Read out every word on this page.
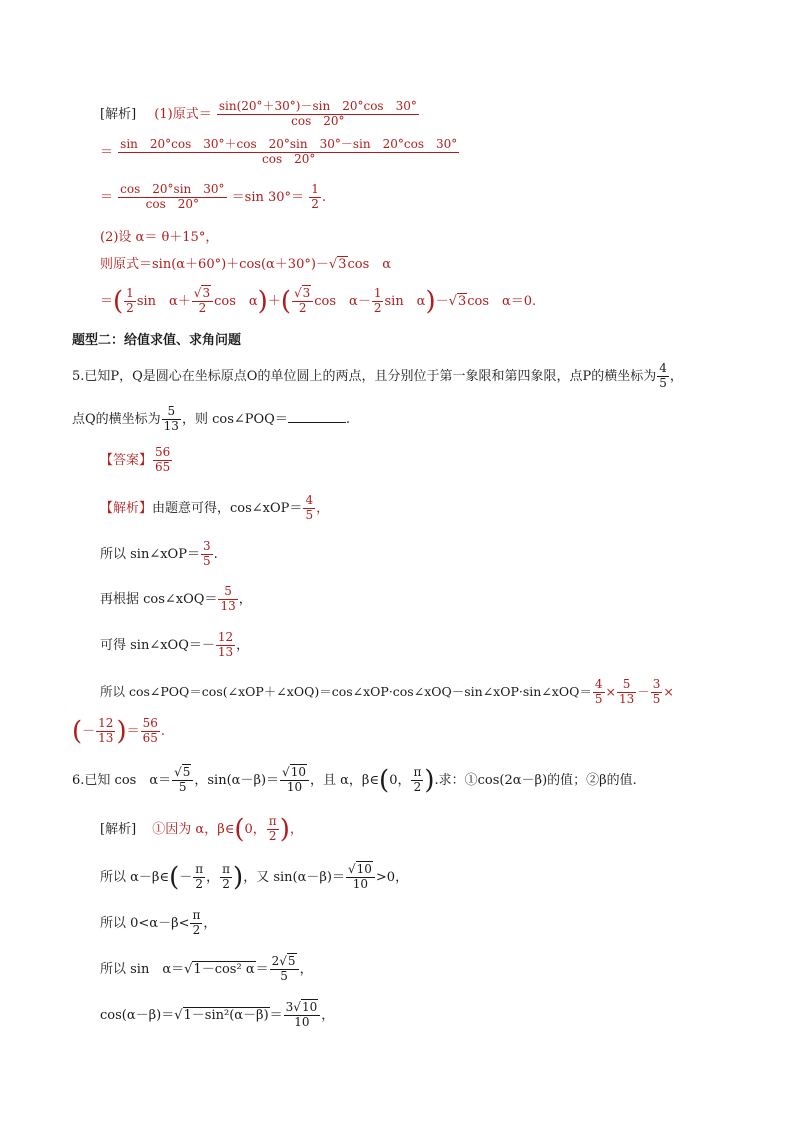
[解析] (1)原式＝ $\frac{\sin(20^\circ+30^\circ)-\sin 20^\circ\cos 30^\circ}{\cos 20^\circ}$
＝ $\frac{\sin 20^\circ\cos 30^\circ+\cos 20^\circ\sin 30^\circ-\sin 20^\circ\cos 30^\circ}{\cos 20^\circ}$
＝ $\frac{\cos 20^\circ\sin 30^\circ}{\cos 20^\circ} =\sin$ $30^\circ= \frac{1}{2}$ .
(2)设 α＝ θ＋15°，
则原式＝sin(α＋60°)＋cos(α＋30°)－√3cos　α
＝( $\frac{1}{2}$ sin　$\alpha+ \frac{√3}{2}$ cos　$\alpha)+( \frac{√3}{2}$ cos　$\alpha- \frac{1}{2}$ sin　α)－√3cos　α＝0.
题型二：给值求值、求角问题
5.已知P，Q是圆心在坐标原点O的单位圆上的两点，且分别位于第一象限和第四象限，点P的横坐标为 $\frac{4}{5}$ ，
点Q的横坐标为 $\frac{5}{13}$ ，则 cos∠POQ＝	.
【答案】 $\frac{56}{65}$
【解析】由题意可得，cos∠xOP＝ $\frac{4}{5}$ ，
所以 sin∠xOP＝ $\frac{3}{5}$ .
再根据 cos∠xOQ＝ $\frac{5}{13}$ ，
可得 sin∠xOQ＝－ $\frac{12}{13}$ ，
所以 cos∠POQ＝cos(∠xOP＋∠xOQ)＝cos∠xOP·cos∠xOQ－sin∠xOP·sin∠xOQ＝ $\frac{4}{5} \times \frac{5}{13} - \frac{3}{5}$ ×
(－ $\frac{12}{13}$ )＝ $\frac{56}{65}$ .
6.已知 cos　$\alpha= \frac{√5}{5}$ ，$\sin(\alpha-\beta)= \frac{√10}{10}$ ，且 α，β∈(0， $\frac{\pi}{2}$ ).求：①cos(2α－β)的值；②β的值.
[解析] ①因为 α，β∈(0， $\frac{\pi}{2}$ )，
所以 α－β∈(－ $\frac{\pi}{2}$ ， $\frac{\pi}{2}$ )，又 $\sin(\alpha-\beta)= \frac{√10}{10} >0$，
所以 $0<\alpha-\beta< \frac{\pi}{2}$ ，
所以 sin　α＝√1－cos² $\alpha= \frac{2√5}{5}$ ，
$\cos(\alpha-\beta)=√1-\sin^2(\alpha-\beta)= \frac{3√10}{10}$ ，
